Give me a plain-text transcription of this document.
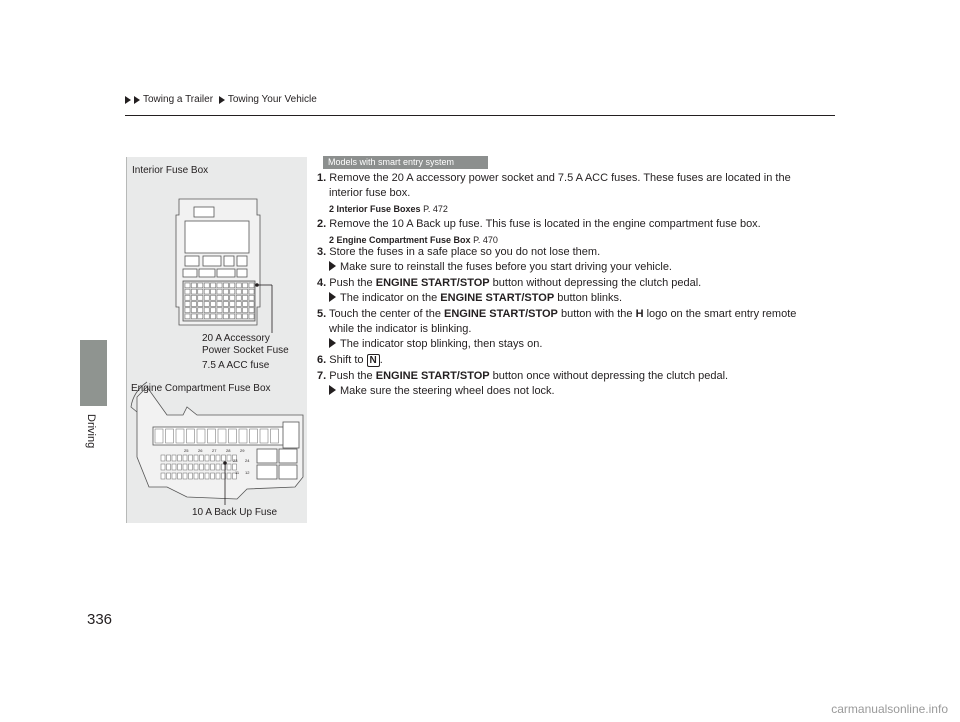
Towing a Trailer Towing Your Vehicle
Driving
336
Interior Fuse Box
25 26 27 28 29
23 24
11 12
20 A Accessory
Power Socket Fuse
7.5 A ACC fuse
Engine Compartment Fuse Box
10 A Back Up Fuse
Models with smart entry system
1. Remove the 20 A accessory power socket and 7.5 A ACC fuses. These fuses are located in the
interior fuse box.
2 Interior Fuse Boxes P. 472
2. Remove the 10 A Back up fuse. This fuse is located in the engine compartment fuse box.
2 Engine Compartment Fuse Box P. 470
3. Store the fuses in a safe place so you do not lose them.
Make sure to reinstall the fuses before you start driving your vehicle.
4. Push the ENGINE START/STOP button without depressing the clutch pedal.
The indicator on the ENGINE START/STOP button blinks.
5. Touch the center of the ENGINE START/STOP button with the H logo on the smart entry remote
while the indicator is blinking.
The indicator stop blinking, then stays on.
6. Shift to N .
7. Push the ENGINE START/STOP button once without depressing the clutch pedal.
Make sure the steering wheel does not lock.
carmanualsonline.info
